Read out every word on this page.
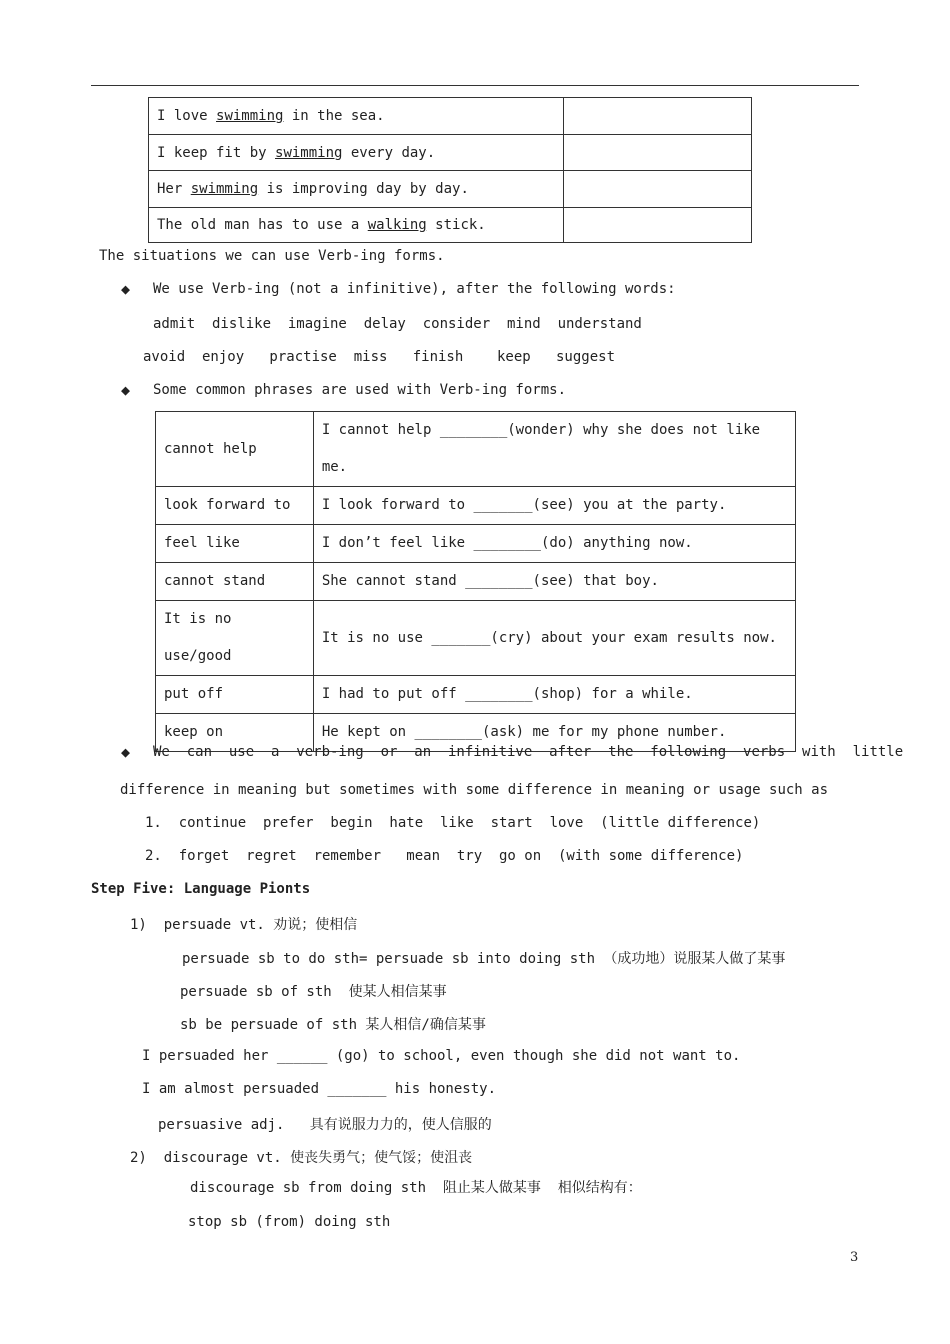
I love swimming in the sea.	
I keep fit by swimming every day.	
Her swimming is improving day by day.	
The old man has to use a walking stick.	
The situations we can use Verb-ing forms.
◆ We use Verb-ing (not a infinitive), after the following words:
admit  dislike  imagine  delay  consider  mind  understand
avoid  enjoy   practise  miss   finish    keep   suggest
◆ Some common phrases are used with Verb-ing forms.
cannot help	I cannot help ________(wonder) why she does not like me.
look forward to	I look forward to _______(see) you at the party.
feel like	I don’t feel like ________(do) anything now.
cannot stand	She cannot stand ________(see) that boy.
It is no use/good	It is no use _______(cry) about your exam results now.
put off	I had to put off ________(shop) for a while.
keep on	He kept on ________(ask) me for my phone number.
◆ We  can  use  a  verb-ing  or  an  infinitive  after  the  following  verbs  with  little
difference in meaning but sometimes with some difference in meaning or usage such as
1.  continue  prefer  begin  hate  like  start  love  (little difference)
2.  forget  regret  remember   mean  try  go on  (with some difference)
Step Five: Language Pionts
1)  persuade vt. 劝说；使相信
persuade sb to do sth= persuade sb into doing sth （成功地）说服某人做了某事
persuade sb of sth  使某人相信某事
sb be persuade of sth 某人相信/确信某事
I persuaded her ______ (go) to school, even though she did not want to.
I am almost persuaded _______ his honesty.
persuasive adj.   具有说服力力的，使人信服的
2)  discourage vt. 使丧失勇气；使气馁；使沮丧
discourage sb from doing sth  阻止某人做某事  相似结构有：
stop sb (from) doing sth
3
